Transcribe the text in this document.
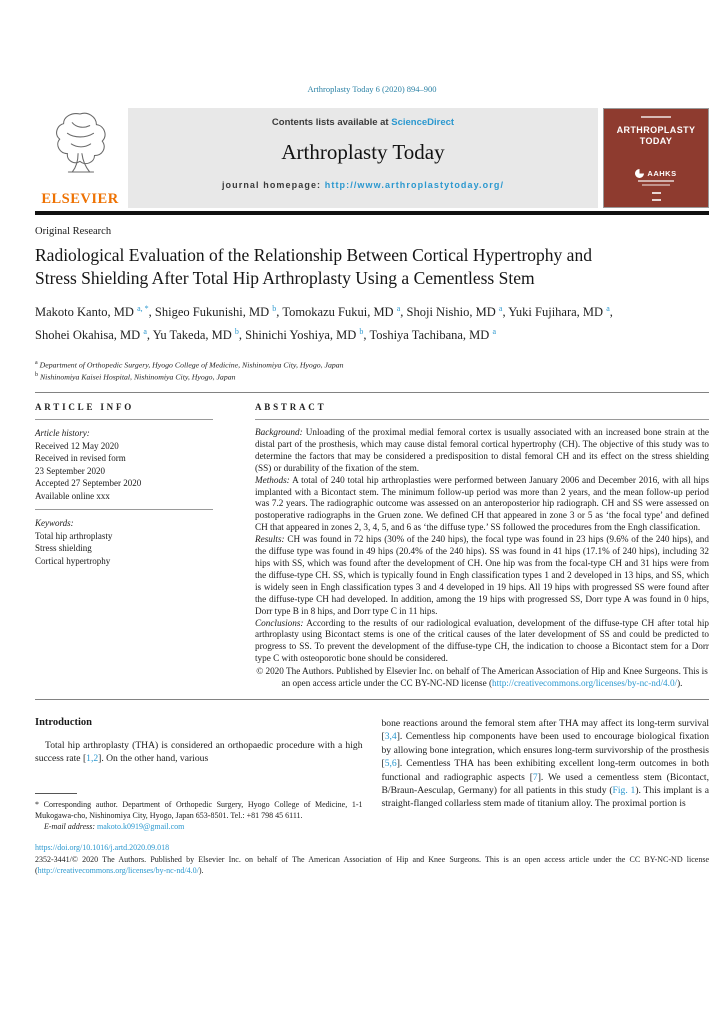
Arthroplasty Today 6 (2020) 894–900
ELSEVIER
Contents lists available at ScienceDirect
Arthroplasty Today
journal homepage: http://www.arthroplastytoday.org/
ARTHROPLASTY
TODAY
AAHKS
Original Research
Radiological Evaluation of the Relationship Between Cortical Hypertrophy and Stress Shielding After Total Hip Arthroplasty Using a Cementless Stem

Makoto Kanto, MD $^{a, *}$, Shigeo Fukunishi, MD $^b$, Tomokazu Fukui, MD $^a$, Shoji Nishio, MD $^a$, Yuki Fujihara, MD $^a$, Shohei Okahisa, MD $^a$, Yu Takeda, MD $^b$, Shinichi Yoshiya, MD $^b$, Toshiya Tachibana, MD $^a$

$^a$ Department of Orthopedic Surgery, Hyogo College of Medicine, Nishinomiya City, Hyogo, Japan
$^b$ Nishinomiya Kaisei Hospital, Nishinomiya City, Hyogo, Japan
ARTICLE INFO
Article history:
Received 12 May 2020
Received in revised form
23 September 2020
Accepted 27 September 2020
Available online xxx
Keywords:
Total hip arthroplasty
Stress shielding
Cortical hypertrophy
ABSTRACT

Background: Unloading of the proximal medial femoral cortex is usually associated with an increased bone strain at the distal part of the prosthesis, which may cause distal femoral cortical hypertrophy (CH). The objective of this study was to determine the factors that may be considered a predisposition to distal femoral CH and its effect on the stress shielding (SS) or durability of the fixation of the stem.

Methods: A total of 240 total hip arthroplasties were performed between January 2006 and December 2016, with all hips implanted with a Bicontact stem. The minimum follow-up period was more than 2 years, and the mean follow-up period was 7.2 years. The radiographic outcome was assessed on an anteroposterior hip radiograph. CH and SS were assessed on postoperative radiographs in the Gruen zone. We defined CH that appeared in zone 3 or 5 as ‘the focal type’ and defined CH that appeared in zones 2, 3, 4, 5, and 6 as ‘the diffuse type.’ SS followed the procedures from the Engh classification.

Results: CH was found in 72 hips (30% of the 240 hips), the focal type was found in 23 hips (9.6% of the 240 hips), and the diffuse type was found in 49 hips (20.4% of the 240 hips). SS was found in 41 hips (17.1% of 240 hips), including 32 hips with SS, which was found after the development of CH. One hip was from the focal-type CH and 31 hips were from the diffuse-type CH. SS, which is typically found in Engh classification types 1 and 2 developed in 13 hips, and SS, which is widely seen in Engh classification types 3 and 4 developed in 19 hips. All 19 hips with progressed SS were found after the diffuse-type CH had developed. In addition, among the 19 hips with progressed SS, Dorr type A was found in 0 hips, Dorr type B in 8 hips, and Dorr type C in 11 hips.

Conclusions: According to the results of our radiological evaluation, development of the diffuse-type CH after total hip arthroplasty using Bicontact stems is one of the critical causes of the later development of SS and could be predicted to progress to SS. To prevent the development of the diffuse-type CH, the indication to choose a Bicontact stem for a Dorr type C with osteoporotic bone should be considered.

© 2020 The Authors. Published by Elsevier Inc. on behalf of The American Association of Hip and Knee Surgeons. This is an open access article under the CC BY-NC-ND license (http://creativecommons.org/licenses/by-nc-nd/4.0/).
Introduction

Total hip arthroplasty (THA) is considered an orthopaedic procedure with a high success rate [1,2]. On the other hand, various

* Corresponding author. Department of Orthopedic Surgery, Hyogo College of Medicine, 1-1 Mukogawa-cho, Nishinomiya City, Hyogo, Japan 653-8501. Tel.: +81 798 45 6111.

E-mail address: makoto.k0919@gmail.com

bone reactions around the femoral stem after THA may affect its long-term survival [3,4]. Cementless hip components have been used to encourage biological fixation by allowing bone integration, which ensures long-term survivorship of the prosthesis [5,6]. Cementless THA has been exhibiting excellent long-term outcomes in both functional and radiographic aspects [7]. We used a cementless stem (Bicontact, B/Braun-Aesculap, Germany) for all patients in this study (Fig. 1). This implant is a straight-flanged collarless stem made of titanium alloy. The proximal portion is

https://doi.org/10.1016/j.artd.2020.09.018

2352-3441/© 2020 The Authors. Published by Elsevier Inc. on behalf of The American Association of Hip and Knee Surgeons. This is an open access article under the CC BY-NC-ND license (http://creativecommons.org/licenses/by-nc-nd/4.0/).
